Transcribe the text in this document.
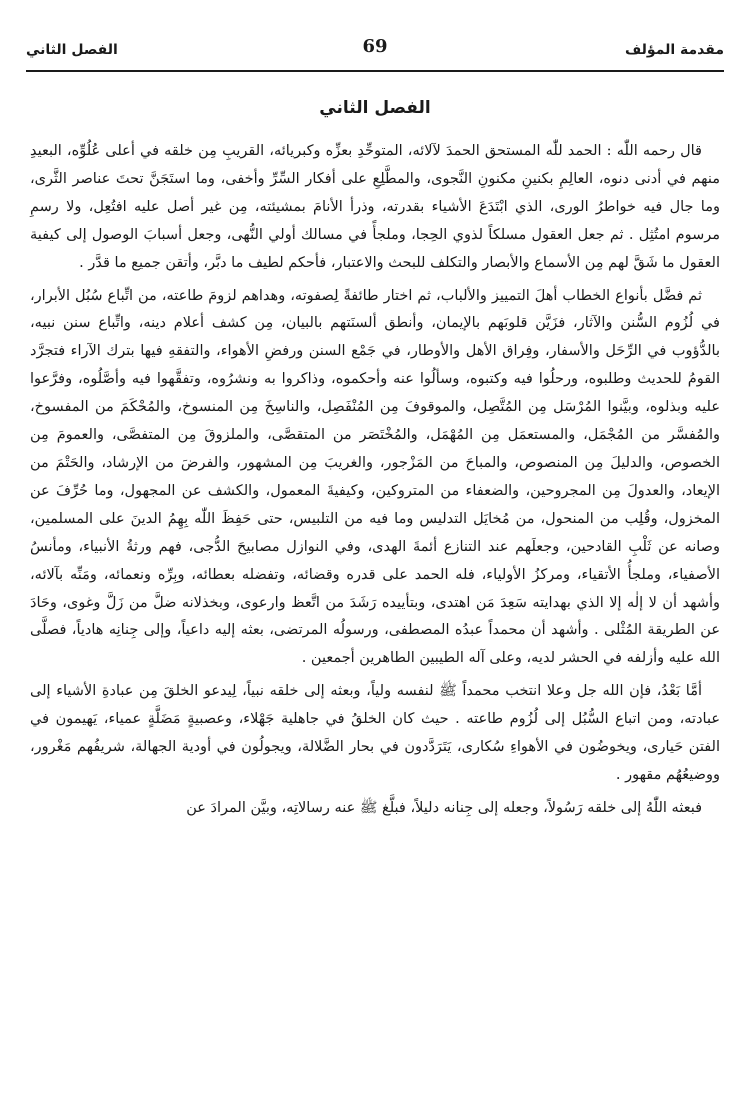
مقدمة المؤلف
69
الفصل الثاني
الفصل الثاني

قال رحمه اللّٰه : الحمد للّٰه المستحق الحمدَ لآلائه، المتوحِّدِ بعزِّه وكبريائه، القريبِ مِن خلقه في أعلى عُلُوِّه، البعيدِ منهم في أدنى دنوه، العالِمِ بكنينِ مكنونِ النَّجوى، والمطَّلِعِ على أفكار السِّرِّ وأخفى، وما استَجَنَّ تحتَ عناصر الثَّرى، وما جال فيه خواطرُ الورى، الذي ابْتَدَعَ الأشياء بقدرته، وذرأ الأنامَ بمشيئته، مِن غير أصل عليه افتُعِل، ولا رسمِ مرسوم امتُثِل . ثم جعل العقول مسلكاً لذوي الحِجا، وملجأً في مسالك أولي النُّهى، وجعل أسبابَ الوصول إلى كيفية العقول ما شَقَّ لهم مِن الأسماع والأبصار والتكلف للبحث والاعتبار، فأحكم لطيف ما دبَّر، وأتقن جميع ما قدَّر .

ثم فضَّل بأنواع الخطاب أهلَ التمييز والألباب، ثم اختار طائفةً لِصفوته، وهداهم لزومَ طاعته، من اتِّباع سُبُل الأبرار، في لُزُوم السُّنن والآثار، فزَيَّن قلوبَهم بالإيمان، وأنطق ألسنَتهم بالبيان، مِن كشف أعلام دينه، واتِّباع سنن نبيه، بالدُّؤوب في الرِّحَل والأسفار، وفِراق الأهل والأوطار، في جَمْع السنن ورفضِ الأهواء، والتفقهِ فيها بترك الآراء فتجرَّد القومُ للحديث وطلبوه، ورحلُوا فيه وكتبوه، وسألُوا عنه وأحكموه، وذاكروا به ونشرُوه، وتفقَّهوا فيه وأصَّلُوه، وفرَّعوا عليه وبذلوه، وبيَّنوا المُرْسَل مِن المُتَّصِل، والموقوفَ مِن المُنْفَصِل، والناسِخَ مِن المنسوخ، والمُحْكَمَ من المفسوخ، والمُفسَّر من المُجْمَل، والمستعمَل مِن المُهْمَل، والمُخْتَصَر من المتقصَّى، والملزوقَ مِن المتفصَّى، والعمومَ مِن الخصوص، والدليلَ مِن المنصوص، والمباحَ من المَزْجور، والغريبَ مِن المشهور، والفرضَ من الإرشاد، والحَتْمَ من الإيعاد، والعدولَ مِن المجروحين، والضعفاء من المتروكين، وكيفيةَ المعمول، والكشف عن المجهول، وما حُرِّفَ عن المخزول، وقُلِب من المنحول، من مُخايَل التدليس وما فيه من التلبيس، حتى حَفِظَ اللّٰه بِهِمُ الدينَ على المسلمين، وصانه عن ثَلْبِ القادحين، وجعلَهم عند التنازع أئمةَ الهدى، وفي النوازل مصابيحَ الدُّجى، فهم ورثةُ الأنبياء، ومأنسُ الأصفياء، وملجأُ الأتقياء، ومركزُ الأولياء، فله الحمد على قدره وقضائه، وتفضله بعطائه، وبِرِّه ونعمائه، ومَنِّه بآلائه، وأشهد أن لا إلٰه إلا الذي بهدايته سَعِدَ مَن اهتدى، وبتأييده رَشَدَ من اتَّعظ وارعوى، وبخذلانه ضلَّ من زَلَّ وغوى، وحَادَ عن الطريقة المُثْلى . وأشهد أن محمداً عبدُه المصطفى، ورسولُه المرتضى، بعثه إليه داعياً، وإلى جِنانِه هادياً، فصلَّى الله عليه وأزلفه في الحشر لديه، وعلى آله الطيبين الطاهرين أجمعين .

أمَّا بَعْدُ، فإن الله جل وعلا انتخب محمداً ﷺ لنفسه ولياً، وبعثه إلى خلقه نبياً، لِيدعو الخلقَ مِن عبادةِ الأشياء إلى عبادته، ومن اتباع السُّبُل إلى لُزُوم طاعته . حيث كان الخلقُ في جاهلية جَهْلاء، وعصبيةٍ مَضَلَّةٍ عمياء، يَهيمون في الفتن حَيارى، ويخوضُون في الأهواءِ سُكارى، يَتَرَدَّدون في بحار الضَّلالة، ويجولُون في أودية الجهالة، شريفُهم مَغْرور، ووضيعُهُم مقهور .

فبعثه اللّٰهُ إلى خلقه رَسُولاً، وجعله إلى جِنانه دليلاً، فبلَّغ ﷺ عنه رسالاتِه، وبيَّن المرادَ عن
